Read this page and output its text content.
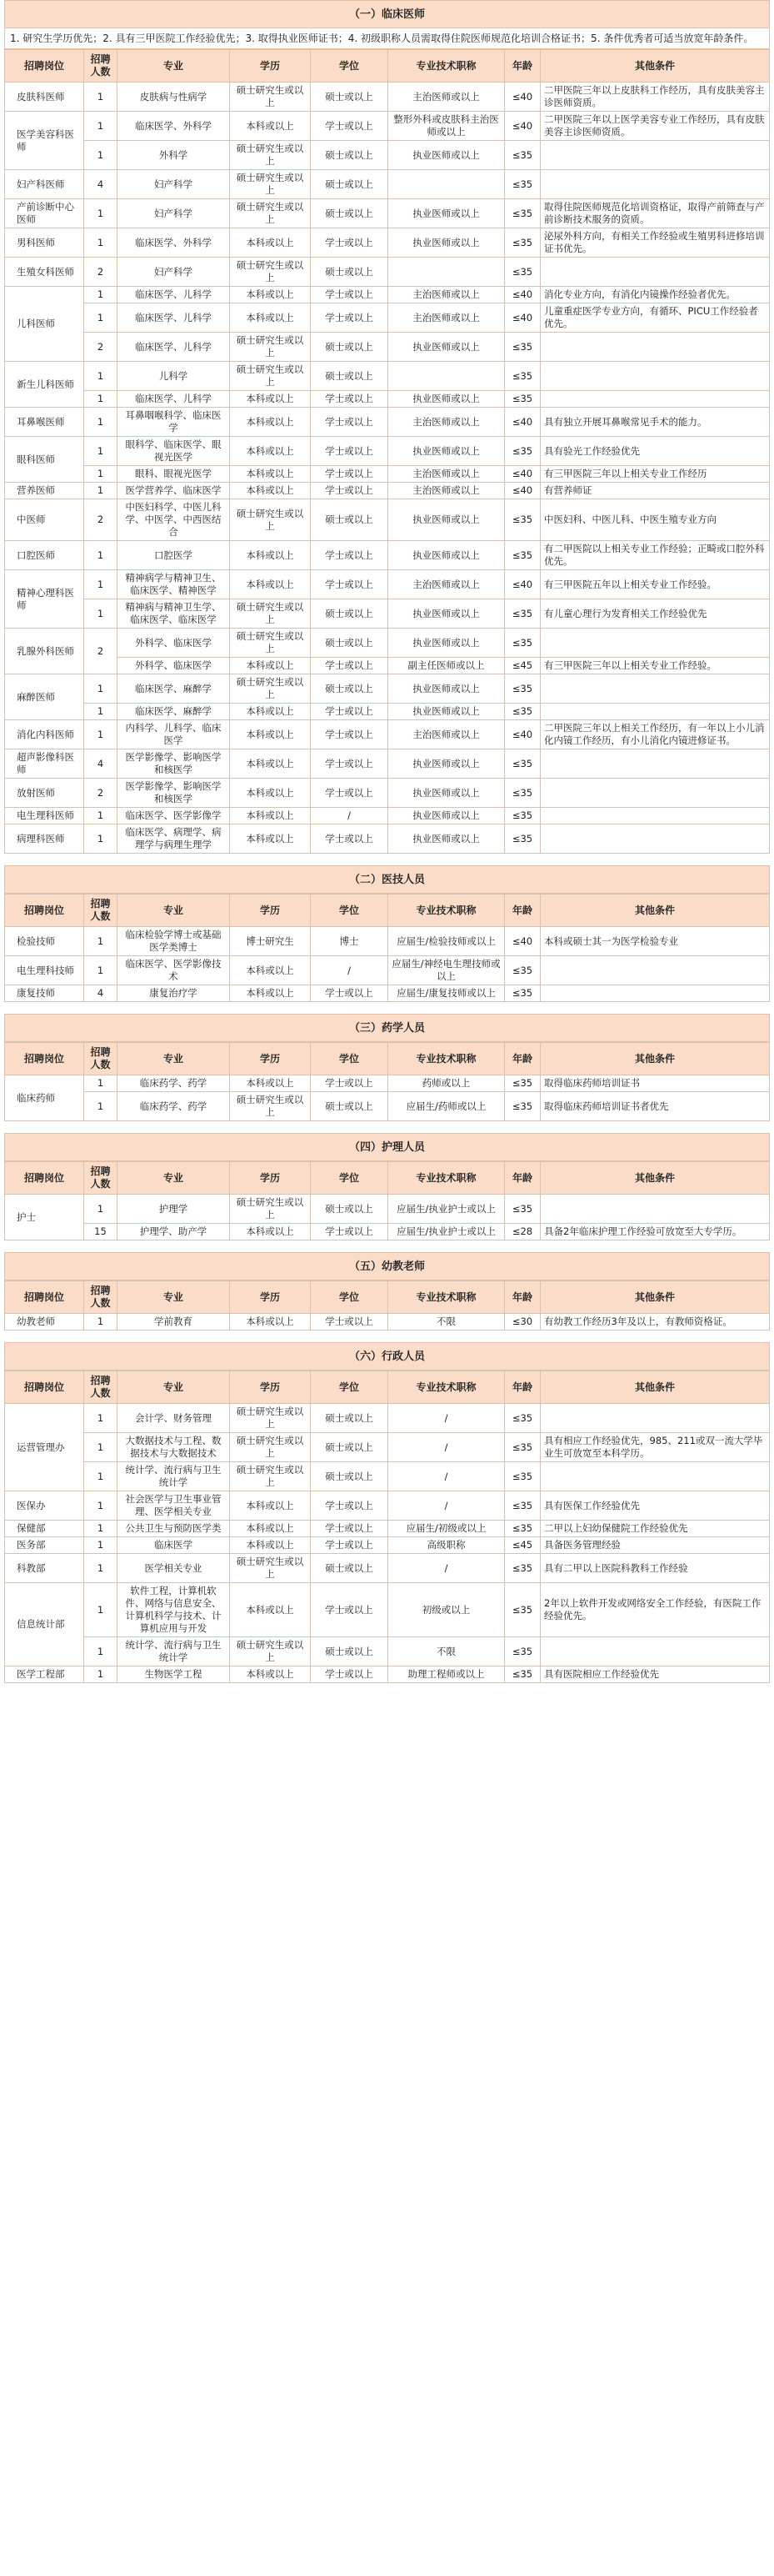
（一）临床医师
1. 研究生学历优先；2. 具有三甲医院工作经验优先；3. 取得执业医师证书；4. 初级职称人员需取得住院医师规范化培训合格证书；5. 条件优秀者可适当放宽年龄条件。
招聘岗位	招聘人数	专业	学历	学位	专业技术职称	年龄	其他条件
皮肤科医师	1	皮肤病与性病学	硕士研究生或以上	硕士或以上	主治医师或以上	≤40	二甲医院三年以上皮肤科工作经历，具有皮肤美容主诊医师资质。
医学美容科医师	1	临床医学、外科学	本科或以上	学士或以上	整形外科或皮肤科主治医师或以上	≤40	二甲医院三年以上医学美容专业工作经历，具有皮肤美容主诊医师资质。
	1	外科学	硕士研究生或以上	硕士或以上	执业医师或以上	≤35	
妇产科医师	4	妇产科学	硕士研究生或以上	硕士或以上		≤35	
产前诊断中心医师	1	妇产科学	硕士研究生或以上	硕士或以上	执业医师或以上	≤35	取得住院医师规范化培训资格证，取得产前筛查与产前诊断技术服务的资质。
男科医师	1	临床医学、外科学	本科或以上	学士或以上	执业医师或以上	≤35	泌尿外科方向，有相关工作经验或生殖男科进修培训证书优先。
生殖女科医师	2	妇产科学	硕士研究生或以上	硕士或以上		≤35	
儿科医师	1	临床医学、儿科学	本科或以上	学士或以上	主治医师或以上	≤40	消化专业方向，有消化内镜操作经验者优先。
	1	临床医学、儿科学	本科或以上	学士或以上	主治医师或以上	≤40	儿童重症医学专业方向，有循环、PICU工作经验者优先。
	2	临床医学、儿科学	硕士研究生或以上	硕士或以上	执业医师或以上	≤35	
新生儿科医师	1	儿科学	硕士研究生或以上	硕士或以上		≤35	
	1	临床医学、儿科学	本科或以上	学士或以上	执业医师或以上	≤35	
耳鼻喉医师	1	耳鼻咽喉科学、临床医学	本科或以上	学士或以上	主治医师或以上	≤40	具有独立开展耳鼻喉常见手术的能力。
眼科医师	1	眼科学、临床医学、眼视光医学	本科或以上	学士或以上	执业医师或以上	≤35	具有验光工作经验优先
	1	眼科、眼视光医学	本科或以上	学士或以上	主治医师或以上	≤40	有三甲医院三年以上相关专业工作经历
营养医师	1	医学营养学、临床医学	本科或以上	学士或以上	主治医师或以上	≤40	有营养师证
中医师	2	中医妇科学、中医儿科学、中医学、中西医结合	硕士研究生或以上	硕士或以上	执业医师或以上	≤35	中医妇科、中医儿科、中医生殖专业方向
口腔医师	1	口腔医学	本科或以上	学士或以上	执业医师或以上	≤35	有二甲医院以上相关专业工作经验；正畸或口腔外科优先。
精神心理科医师	1	精神病学与精神卫生、临床医学、精神医学	本科或以上	学士或以上	主治医师或以上	≤40	有三甲医院五年以上相关专业工作经验。
	1	精神病与精神卫生学、临床医学、临床医学	硕士研究生或以上	硕士或以上	执业医师或以上	≤35	有儿童心理行为发育相关工作经验优先
乳腺外科医师	2	外科学、临床医学	硕士研究生或以上	硕士或以上	执业医师或以上	≤35	
		外科学、临床医学	本科或以上	学士或以上	副主任医师或以上	≤45	有三甲医院三年以上相关专业工作经验。
麻醉医师	1	临床医学、麻醉学	硕士研究生或以上	硕士或以上	执业医师或以上	≤35	
	1	临床医学、麻醉学	本科或以上	学士或以上	执业医师或以上	≤35	
消化内科医师	1	内科学、儿科学、临床医学	本科或以上	学士或以上	主治医师或以上	≤40	二甲医院三年以上相关工作经历，有一年以上小儿消化内镜工作经历，有小儿消化内镜进修证书。
超声影像科医师	4	医学影像学、影响医学和核医学	本科或以上	学士或以上	执业医师或以上	≤35	
放射医师	2	医学影像学、影响医学和核医学	本科或以上	学士或以上	执业医师或以上	≤35	
电生理科医师	1	临床医学、医学影像学	本科或以上	/	执业医师或以上	≤35	
病理科医师	1	临床医学、病理学、病理学与病理生理学	本科或以上	学士或以上	执业医师或以上	≤35	
（二）医技人员
招聘岗位	招聘人数	专业	学历	学位	专业技术职称	年龄	其他条件
检验技师	1	临床检验学博士或基础医学类博士	博士研究生	博士	应届生/检验技师或以上	≤40	本科或硕士其一为医学检验专业
电生理科技师	1	临床医学、医学影像技术	本科或以上	/	应届生/神经电生理技师或以上	≤35	
康复技师	4	康复治疗学	本科或以上	学士或以上	应届生/康复技师或以上	≤35	
（三）药学人员
招聘岗位	招聘人数	专业	学历	学位	专业技术职称	年龄	其他条件
临床药师	1	临床药学、药学	本科或以上	学士或以上	药师或以上	≤35	取得临床药师培训证书
	1	临床药学、药学	硕士研究生或以上	硕士或以上	应届生/药师或以上	≤35	取得临床药师培训证书者优先
（四）护理人员
招聘岗位	招聘人数	专业	学历	学位	专业技术职称	年龄	其他条件
护士	1	护理学	硕士研究生或以上	硕士或以上	应届生/执业护士或以上	≤35	
	15	护理学、助产学	本科或以上	学士或以上	应届生/执业护士或以上	≤28	具备2年临床护理工作经验可放宽至大专学历。
（五）幼教老师
招聘岗位	招聘人数	专业	学历	学位	专业技术职称	年龄	其他条件
幼教老师	1	学前教育	本科或以上	学士或以上	不限	≤30	有幼教工作经历3年及以上，有教师资格证。
（六）行政人员
招聘岗位	招聘人数	专业	学历	学位	专业技术职称	年龄	其他条件
运营管理办	1	会计学、财务管理	硕士研究生或以上	硕士或以上	/	≤35	
	1	大数据技术与工程、数据技术与大数据技术	硕士研究生或以上	硕士或以上	/	≤35	具有相应工作经验优先，985、211或双一流大学毕业生可放宽至本科学历。
	1	统计学、流行病与卫生统计学	硕士研究生或以上	硕士或以上	/	≤35	
医保办	1	社会医学与卫生事业管理、医学相关专业	本科或以上	学士或以上	/	≤35	具有医保工作经验优先
保健部	1	公共卫生与预防医学类	本科或以上	学士或以上	应届生/初级或以上	≤35	二甲以上妇幼保健院工作经验优先
医务部	1	临床医学	本科或以上	学士或以上	高级职称	≤45	具备医务管理经验
科教部	1	医学相关专业	硕士研究生或以上	硕士或以上	/	≤35	具有二甲以上医院科教科工作经验
信息统计部	1	软件工程，计算机软件、网络与信息安全、计算机科学与技术、计算机应用与开发	本科或以上	学士或以上	初级或以上	≤35	2年以上软件开发或网络安全工作经验，有医院工作经验优先。
	1	统计学、流行病与卫生统计学	硕士研究生或以上	硕士或以上	不限	≤35	
医学工程部	1	生物医学工程	本科或以上	学士或以上	助理工程师或以上	≤35	具有医院相应工作经验优先
